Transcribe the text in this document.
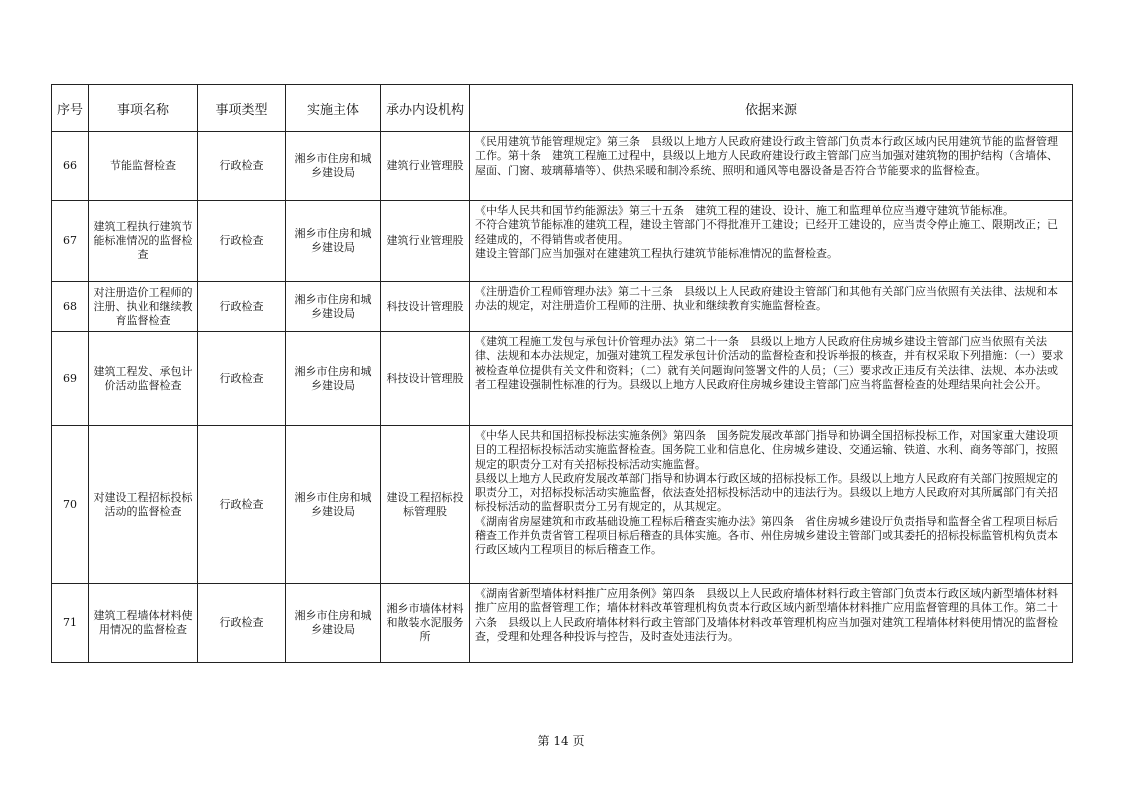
序号	事项名称	事项类型	实施主体	承办内设机构	依据来源
66	节能监督检查	行政检查	湘乡市住房和城乡建设局	建筑行业管理股	《民用建筑节能管理规定》第三条　县级以上地方人民政府建设行政主管部门负责本行政区域内民用建筑节能的监督管理工作。第十条　建筑工程施工过程中，县级以上地方人民政府建设行政主管部门应当加强对建筑物的围护结构（含墙体、屋面、门窗、玻璃幕墙等）、供热采暖和制冷系统、照明和通风等电器设备是否符合节能要求的监督检查。

67	建筑工程执行建筑节能标准情况的监督检查	行政检查	湘乡市住房和城乡建设局	建筑行业管理股	《中华人民共和国节约能源法》第三十五条　建筑工程的建设、设计、施工和监理单位应当遵守建筑节能标准。

不符合建筑节能标准的建筑工程，建设主管部门不得批准开工建设；已经开工建设的，应当责令停止施工、限期改正；已经建成的，不得销售或者使用。

建设主管部门应当加强对在建建筑工程执行建筑节能标准情况的监督检查。

68	对注册造价工程师的注册、执业和继续教育监督检查	行政检查	湘乡市住房和城乡建设局	科技设计管理股	《注册造价工程师管理办法》第二十三条　县级以上人民政府建设主管部门和其他有关部门应当依照有关法律、法规和本办法的规定，对注册造价工程师的注册、执业和继续教育实施监督检查。

69	建筑工程发、承包计价活动监督检查	行政检查	湘乡市住房和城乡建设局	科技设计管理股	《建筑工程施工发包与承包计价管理办法》第二十一条　县级以上地方人民政府住房城乡建设主管部门应当依照有关法律、法规和本办法规定，加强对建筑工程发承包计价活动的监督检查和投诉举报的核查，并有权采取下列措施：（一）要求被检查单位提供有关文件和资料；（二）就有关问题询问签署文件的人员；（三）要求改正违反有关法律、法规、本办法或者工程建设强制性标准的行为。县级以上地方人民政府住房城乡建设主管部门应当将监督检查的处理结果向社会公开。

70	对建设工程招标投标活动的监督检查	行政检查	湘乡市住房和城乡建设局	建设工程招标投标管理股	《中华人民共和国招标投标法实施条例》第四条　国务院发展改革部门指导和协调全国招标投标工作，对国家重大建设项目的工程招标投标活动实施监督检查。国务院工业和信息化、住房城乡建设、交通运输、铁道、水利、商务等部门，按照规定的职责分工对有关招标投标活动实施监督。

县级以上地方人民政府发展改革部门指导和协调本行政区域的招标投标工作。县级以上地方人民政府有关部门按照规定的职责分工，对招标投标活动实施监督，依法查处招标投标活动中的违法行为。县级以上地方人民政府对其所属部门有关招标投标活动的监督职责分工另有规定的，从其规定。

《湖南省房屋建筑和市政基础设施工程标后稽查实施办法》第四条　省住房城乡建设厅负责指导和监督全省工程项目标后稽查工作并负责省管工程项目标后稽查的具体实施。各市、州住房城乡建设主管部门或其委托的招标投标监管机构负责本行政区域内工程项目的标后稽查工作。

71	建筑工程墙体材料使用情况的监督检查	行政检查	湘乡市住房和城乡建设局	湘乡市墙体材料和散装水泥服务所	《湖南省新型墙体材料推广应用条例》第四条　县级以上人民政府墙体材料行政主管部门负责本行政区域内新型墙体材料推广应用的监督管理工作；墙体材料改革管理机构负责本行政区域内新型墙体材料推广应用监督管理的具体工作。第二十六条　县级以上人民政府墙体材料行政主管部门及墙体材料改革管理机构应当加强对建筑工程墙体材料使用情况的监督检查，受理和处理各种投诉与控告，及时查处违法行为。

第 14 页
